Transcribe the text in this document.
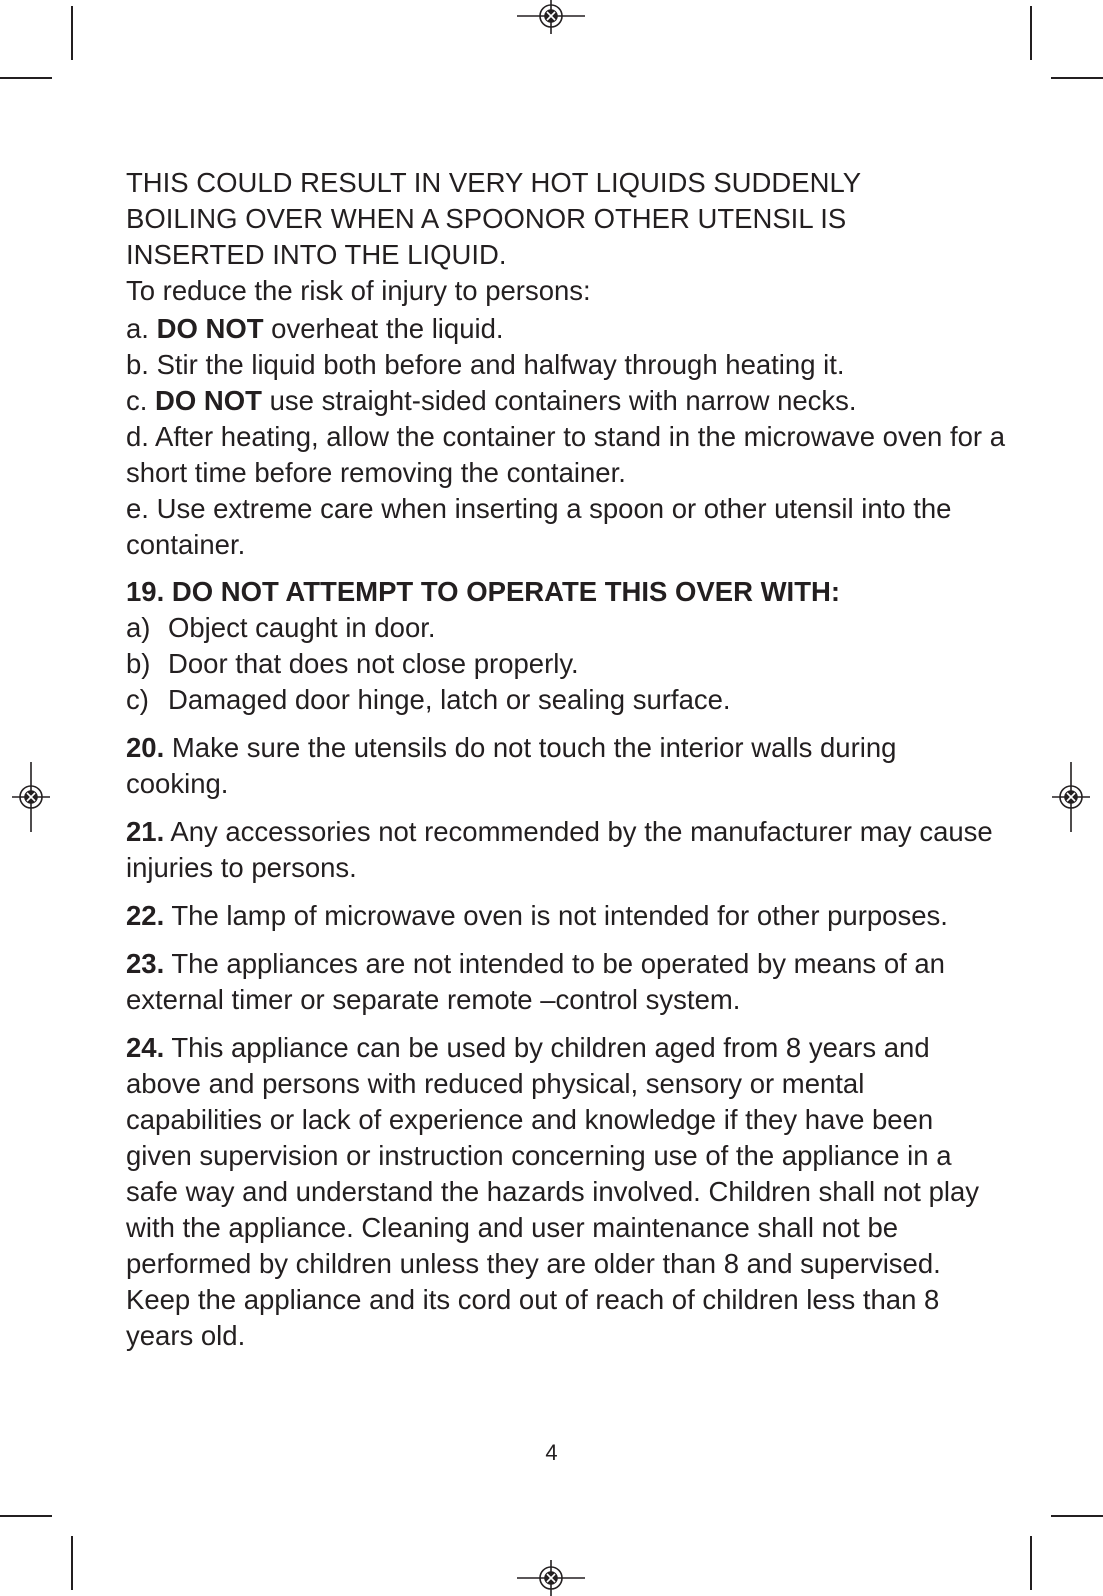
THIS COULD RESULT IN VERY HOT LIQUIDS SUDDENLY
BOILING OVER WHEN A SPOONOR OTHER UTENSIL IS
INSERTED INTO THE LIQUID.

To reduce the risk of injury to persons:

a. DO NOT overheat the liquid.

b. Stir the liquid both before and halfway through heating it.

c. DO NOT use straight-sided containers with narrow necks.

d. After heating, allow the container to stand in the microwave oven for a short time before removing the container.

e. Use extreme care when inserting a spoon or other utensil into the container.

19. DO NOT ATTEMPT TO OPERATE THIS OVER WITH:

a) Object caught in door.

b) Door that does not close properly.

c) Damaged door hinge, latch or sealing surface.

20. Make sure the utensils do not touch the interior walls during cooking.

21. Any accessories not recommended by the manufacturer may cause injuries to persons.

22. The lamp of microwave oven is not intended for other purposes.

23. The appliances are not intended to be operated by means of an external timer or separate remote –control system.

24. This appliance can be used by children aged from 8 years and above and persons with reduced physical, sensory or mental capabilities or lack of experience and knowledge if they have been given supervision or instruction concerning use of the appliance in a safe way and understand the hazards involved. Children shall not play with the appliance. Cleaning and user maintenance shall not be performed by children unless they are older than 8 and supervised. Keep the appliance and its cord out of reach of children less than 8 years old.

4
